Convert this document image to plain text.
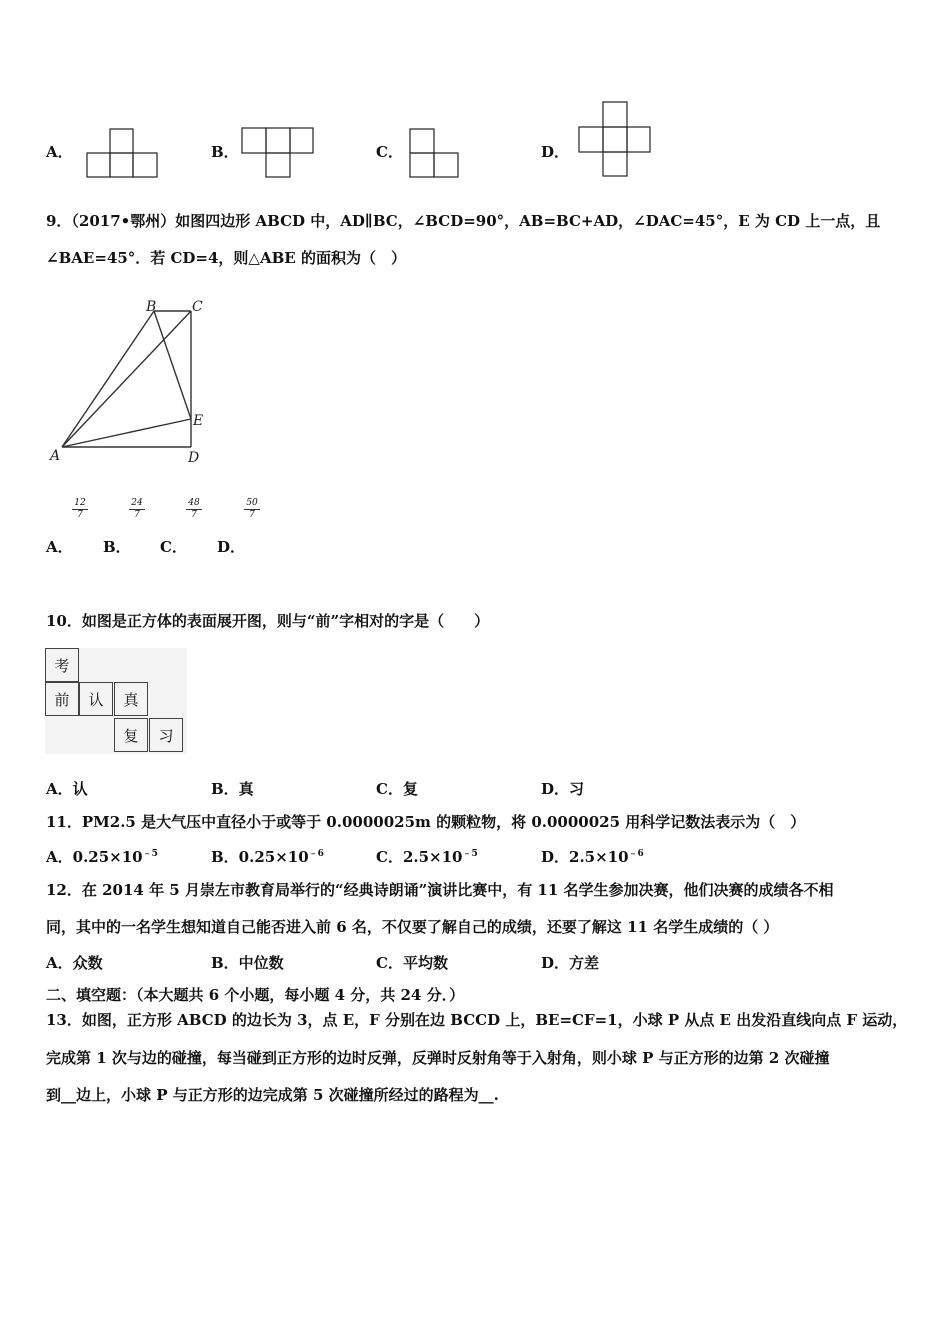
A．	B．	C．	D．
9．（2017•鄂州）如图四边形 ABCD 中，AD∥BC，∠BCD=90°，AB=BC+AD，∠DAC=45°，E 为 CD 上一点，且
∠BAE=45°．若 CD=4，则△ABE 的面积为（　）
B	C
E
A	D
$\frac{12}{7}$	$\frac{24}{7}$	$\frac{48}{7}$	$\frac{50}{7}$
A． B． C． D．
10．如图是正方体的表面展开图，则与“前”字相对的字是（　　）
考
前	认	真
复	习
A．认	B．真	C．复	D．习
11．PM2.5 是大气压中直径小于或等于 0.0000025m 的颗粒物，将 0.0000025 用科学记数法表示为（　）
A．$0.25\times 10^{﹣5}$	B．$0.25\times 10^{﹣6}$	C．$2.5\times 10^{﹣5}$	D．$2.5\times 10^{﹣6}$
12．在 2014 年 5 月崇左市教育局举行的“经典诗朗诵”演讲比赛中，有 11 名学生参加决赛，他们决赛的成绩各不相
同，其中的一名学生想知道自己能否进入前 6 名，不仅要了解自己的成绩，还要了解这 11 名学生成绩的（ ）
A．众数	B．中位数	C．平均数	D．方差
二、填空题：（本大题共 6 个小题，每小题 4 分，共 24 分．）
13．如图，正方形 ABCD 的边长为 3，点 E，F 分别在边 BCCD 上，BE=CF=1，小球 P 从点 E 出发沿直线向点 F 运动，
完成第 1 次与边的碰撞，每当碰到正方形的边时反弹，反弹时反射角等于入射角，则小球 P 与正方形的边第 2 次碰撞
到__边上，小球 P 与正方形的边完成第 5 次碰撞所经过的路程为__.
